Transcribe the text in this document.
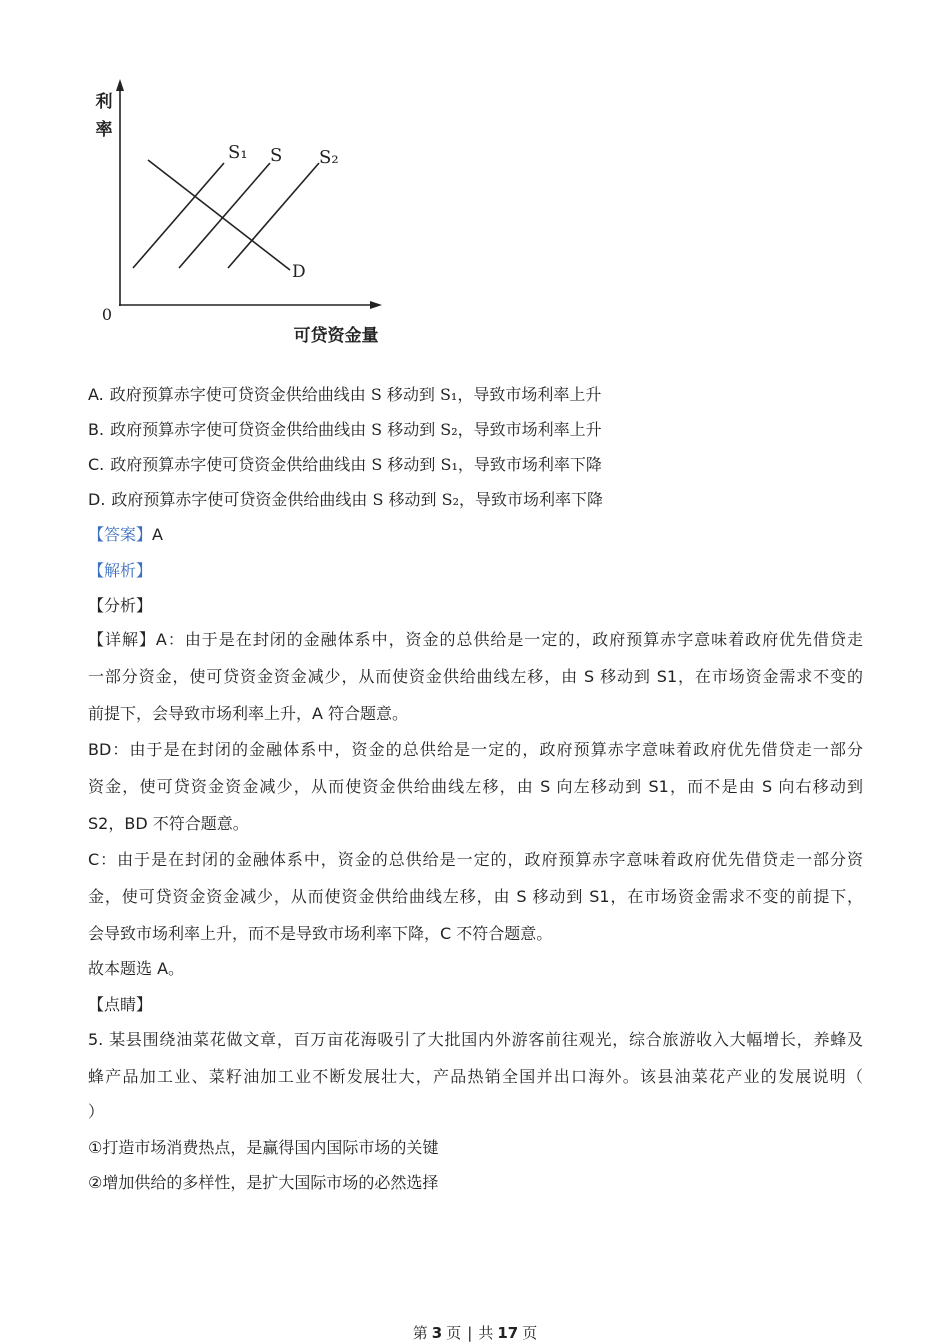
利
率
0
可贷资金量
S₁ S S₂
D
A. 政府预算赤字使可贷资金供给曲线由 S 移动到 S₁，导致市场利率上升
B. 政府预算赤字使可贷资金供给曲线由 S 移动到 S₂，导致市场利率上升
C. 政府预算赤字使可贷资金供给曲线由 S 移动到 S₁，导致市场利率下降
D. 政府预算赤字使可贷资金供给曲线由 S 移动到 S₂，导致市场利率下降
【答案】A
【解析】
【分析】
【详解】A：由于是在封闭的金融体系中，资金的总供给是一定的，政府预算赤字意味着政府优先借贷走
一部分资金，使可贷资金资金减少，从而使资金供给曲线左移，由 S 移动到 S1，在市场资金需求不变的
前提下，会导致市场利率上升，A 符合题意。
BD：由于是在封闭的金融体系中，资金的总供给是一定的，政府预算赤字意味着政府优先借贷走一部分
资金，使可贷资金资金减少，从而使资金供给曲线左移，由 S 向左移动到 S1，而不是由 S 向右移动到
S2，BD 不符合题意。
C：由于是在封闭的金融体系中，资金的总供给是一定的，政府预算赤字意味着政府优先借贷走一部分资
金，使可贷资金资金减少，从而使资金供给曲线左移，由 S 移动到 S1，在市场资金需求不变的前提下，
会导致市场利率上升，而不是导致市场利率下降，C 不符合题意。
故本题选 A。
【点睛】
5. 某县围绕油菜花做文章，百万亩花海吸引了大批国内外游客前往观光，综合旅游收入大幅增长，养蜂及
蜂产品加工业、菜籽油加工业不断发展壮大，产品热销全国并出口海外。该县油菜花产业的发展说明（
）
①打造市场消费热点，是赢得国内国际市场的关键
②增加供给的多样性，是扩大国际市场的必然选择
第 3 页 | 共 17 页
